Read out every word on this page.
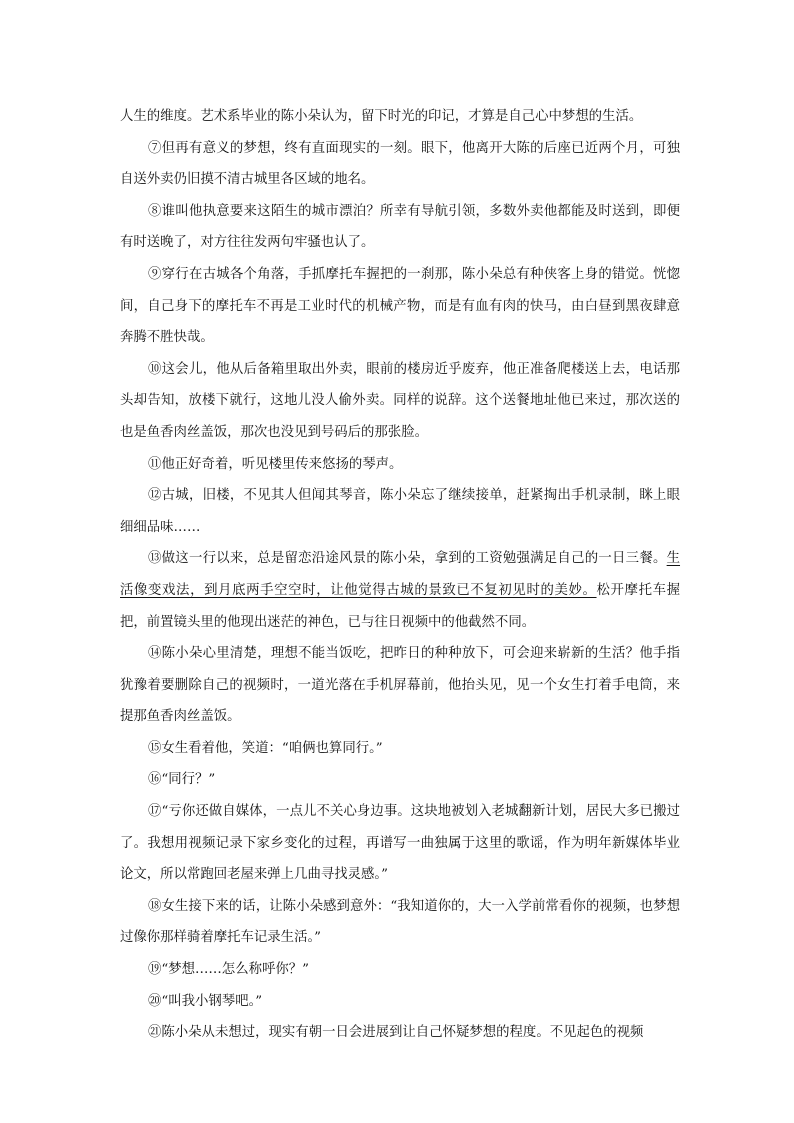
人生的维度。艺术系毕业的陈小朵认为，留下时光的印记，才算是自己心中梦想的生活。

⑦但再有意义的梦想，终有直面现实的一刻。眼下，他离开大陈的后座已近两个月，可独自送外卖仍旧摸不清古城里各区域的地名。

⑧谁叫他执意要来这陌生的城市漂泊？所幸有导航引领，多数外卖他都能及时送到，即便有时送晚了，对方往往发两句牢骚也认了。

⑨穿行在古城各个角落，手抓摩托车握把的一刹那，陈小朵总有种侠客上身的错觉。恍惚间，自己身下的摩托车不再是工业时代的机械产物，而是有血有肉的快马，由白昼到黑夜肆意奔腾不胜快哉。

⑩这会儿，他从后备箱里取出外卖，眼前的楼房近乎废弃，他正准备爬楼送上去，电话那头却告知，放楼下就行，这地儿没人偷外卖。同样的说辞。这个送餐地址他已来过，那次送的也是鱼香肉丝盖饭，那次也没见到号码后的那张脸。

⑪他正好奇着，听见楼里传来悠扬的琴声。

⑫古城，旧楼，不见其人但闻其琴音，陈小朵忘了继续接单，赶紧掏出手机录制，眯上眼细细品味……

⑬做这一行以来，总是留恋沿途风景的陈小朵，拿到的工资勉强满足自己的一日三餐。生活像变戏法，到月底两手空空时，让他觉得古城的景致已不复初见时的美妙。松开摩托车握把，前置镜头里的他现出迷茫的神色，已与往日视频中的他截然不同。

⑭陈小朵心里清楚，理想不能当饭吃，把昨日的种种放下，可会迎来崭新的生活？他手指犹豫着要删除自己的视频时，一道光落在手机屏幕前，他抬头见，见一个女生打着手电筒，来提那鱼香肉丝盖饭。

⑮女生看着他，笑道：“咱俩也算同行。”

⑯“同行？”

⑰“亏你还做自媒体，一点儿不关心身边事。这块地被划入老城翻新计划，居民大多已搬过了。我想用视频记录下家乡变化的过程，再谱写一曲独属于这里的歌谣，作为明年新媒体毕业论文，所以常跑回老屋来弹上几曲寻找灵感。”

⑱女生接下来的话，让陈小朵感到意外：“我知道你的，大一入学前常看你的视频，也梦想过像你那样骑着摩托车记录生活。”

⑲“梦想……怎么称呼你？”

⑳“叫我小钢琴吧。”

㉑陈小朵从未想过，现实有朝一日会进展到让自己怀疑梦想的程度。不见起色的视频
